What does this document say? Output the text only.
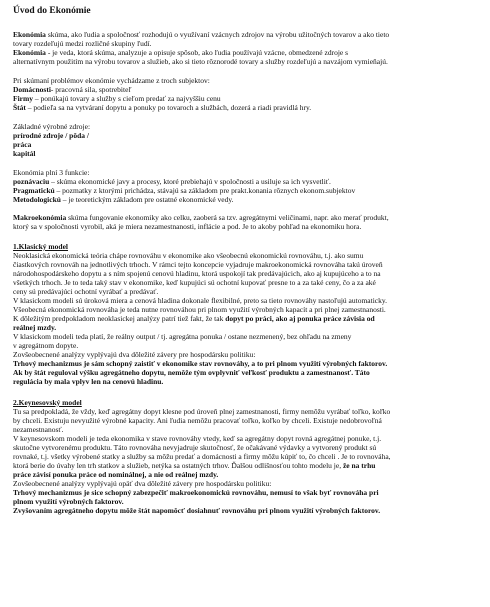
Úvod do Ekonómie
Ekonómia skúma, ako ľudia a spoločnosť rozhodujú o využívaní vzácnych zdrojov na výrobu užitočných tovarov a ako tieto
tovary rozdeľujú medzi rozličné skupiny ľudí.
Ekonómia - je veda, ktorá skúma, analyzuje a opisuje spôsob, ako ľudia používajú vzácne, obmedzené zdroje s
alternatívnym použitím na výrobu tovarov a služieb, ako si tieto rôznorodé tovary a služby rozdeľujú a navzájom vymieňajú.
Pri skúmaní problémov ekonómie vychádzame z troch subjektov:
Domácnosti- pracovná sila, spotrebiteľ
Firmy – ponúkajú tovary a služby s cieľom predať za najvyššiu cenu
Štát – podieľa sa na vytváraní dopytu a ponuky po tovaroch a službách, dozerá a riadi pravidlá hry.
Základné výrobné zdroje:
prírodné zdroje / pôda /
práca
kapitál
Ekonómia plní 3 funkcie:
poznávaciu – skúma ekonomické javy a procesy, ktoré prebiehajú v spoločnosti a usiluje sa ich vysvetliť.
Pragmatickú – pozmatky z ktorými prichádza, stávajú sa základom pre prakt.konania rôznych ekonom.subjektov
Metodologickú – je teoretickým základom pre ostatné ekonomické vedy.
Makroekonómia skúma fungovanie ekonomiky ako celku, zaoberá sa tzv. agregátnymi veličinami, napr. ako merať produkt,
ktorý sa v spoločnosti vyrobil, aká je miera nezamestnanosti, inflácie a pod. Je to akoby pohľad na ekonomiku hora.
1.Klasický model
Neoklasická ekonomická teória chápe rovnováhu v ekonomike ako všeobecnú ekonomickú rovnováhu, t.j. ako sumu
čiastkových rovnováh na jednotlivých trhoch. V rámci tejto koncepcie vyjadruje makroekonomická rovnováha takú úroveň
národohospodárskeho dopytu a s ním spojenú cenovú hladinu, ktorá uspokojí tak predávajúcich, ako aj kupujúceho a to na
všetkých trhoch. Je to teda taký stav v ekonomike, keď kupujúci sú ochotní kupovať presne to a za také ceny, čo a za aké
ceny sú predávajúci ochotní vyrábať a predávať.
V klasickom modeli sú úroková miera a cenová hladina dokonale flexibilné, preto sa tieto rovnováhy nastoľujú automaticky.
Všeobecná ekonomická rovnováha je teda nutne rovnováhou pri plnom využití výrobných kapacít a pri plnej zamestnanosti.
K dôležitým predpokladom neoklasickej analýzy patrí tiež fakt, že tak dopyt po práci, ako aj ponuka práce závisia od
reálnej mzdy.
V klasickom modeli teda platí, že reálny output / tj. agregátna ponuka / ostane nezmenený, bez ohľadu na zmeny
v agregátnom dopyte.
Zovšeobecnené analýzy vyplývajú dva dôležité závery pre hospodársku politiku:
Trhový mechanizmus je sám schopný zaistiť v ekonomike stav rovnováhy, a to pri plnom využití výrobných faktorov.
Ak by štát reguloval výšku agregátneho dopytu, nemôže tým ovplyvniť veľkosť produktu a zamestnanosť. Táto
regulácia by mala vplyv len na cenovú hladinu.
2.Keynesovský model
Tu sa predpokladá, že vždy, keď agregátny dopyt klesne pod úroveň plnej zamestnanosti, firmy nemôžu vyrábať toľko, koľko
by chceli. Existuju nevyužité výrobné kapacity. Ani ľudia nemôžu pracovať toľko, koľko by chceli. Existuje nedobrovoľná
nezamestnanosť.
V keynesovskom modeli je teda ekonomika v stave rovnováhy vtedy, keď sa agregátny dopyt rovná agregátnej ponuke, t.j.
skutočne vytvorenému produktu. Táto rovnováha nevyjadruje skutočnosť, že očakávané výdavky a vytvorený produkt sú
rovnaké, t.j. všetky výrobené statky a služby sa môžu predať a domácnosti a firmy môžu kúpiť to, čo chceli . Je to rovnováha,
ktorá berie do úvahy len trh statkov a služieb, netýka sa ostatných trhov. Ďalšou odlišnosťou tohto modelu je, že na trhu
práce závisí ponuka práce od nominálnej, a nie od reálnej mzdy.
Zovšeobecnené analýzy vyplývajú opäť dva dôležité závery pre hospodársku politiku:
Trhový mechanizmus je sice schopný zabezpečiť makroekonomickú rovnováhu, nemusí to však byť rovnováha pri
plnom využití výrobných faktorov.
Zvyšovaním agregátneho dopytu môže štát napomôcť dosiahnuť rovnováhu pri plnom využití výrobných faktorov.
